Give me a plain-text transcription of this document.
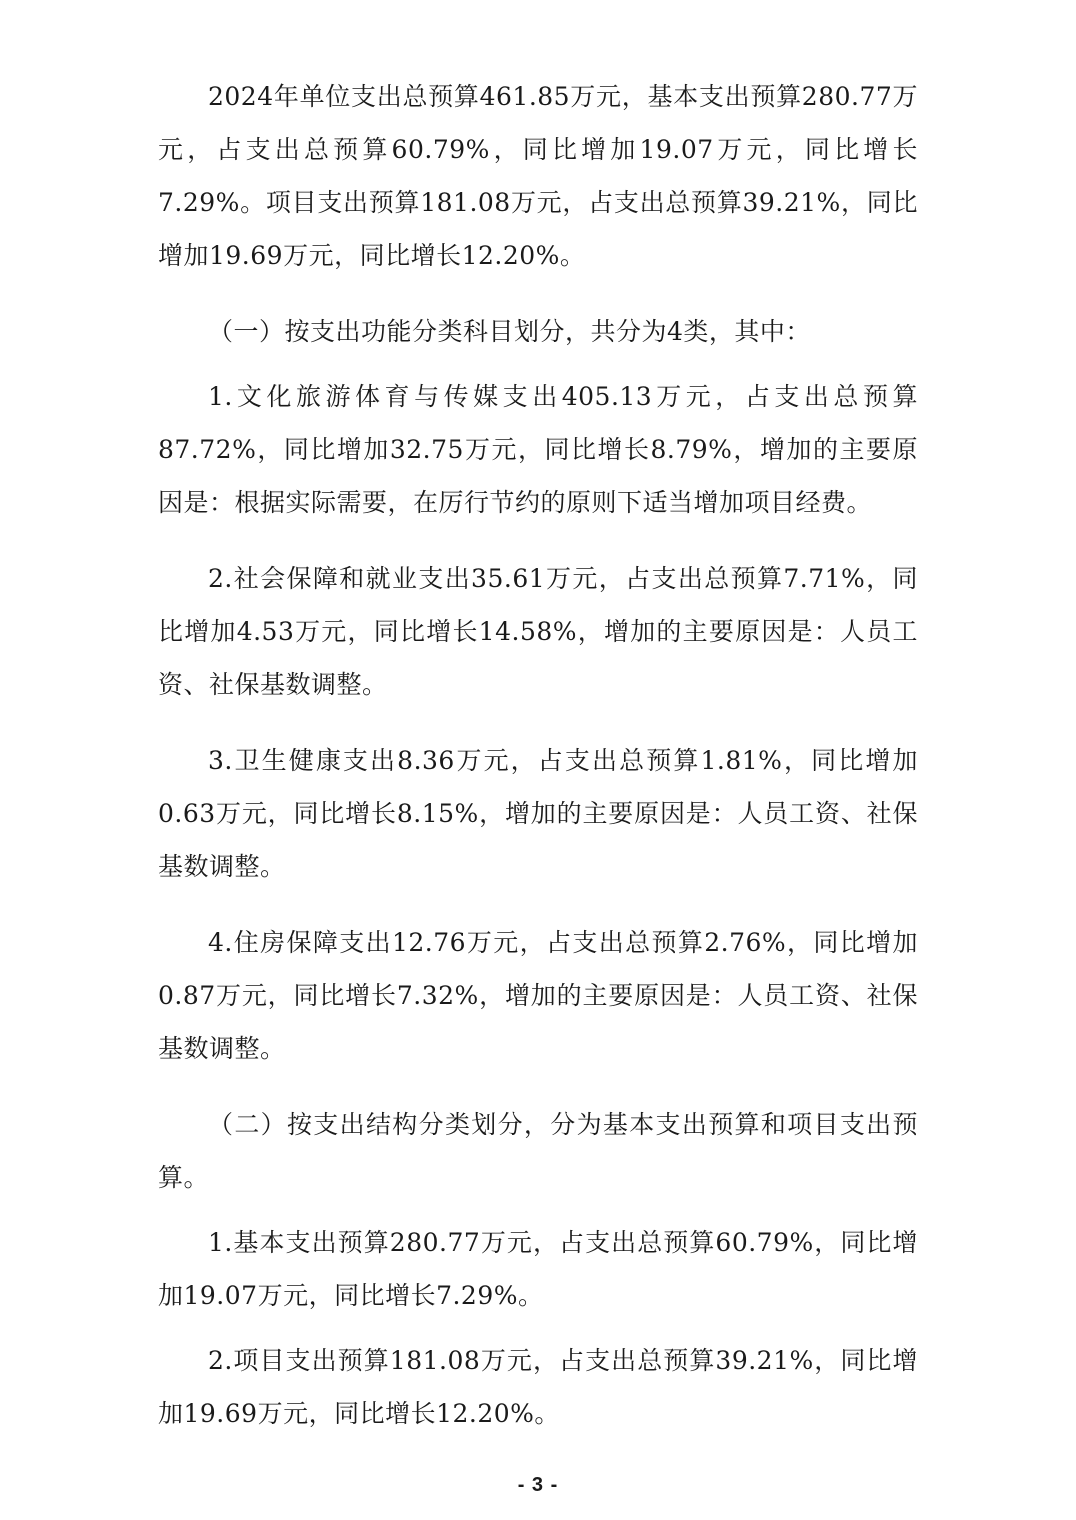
2024年单位支出总预算461.85万元，基本支出预算280.77万元，占支出总预算60.79%，同比增加19.07万元，同比增长7.29%。项目支出预算181.08万元，占支出总预算39.21%，同比增加19.69万元，同比增长12.20%。

（一）按支出功能分类科目划分，共分为4类，其中：

1.文化旅游体育与传媒支出405.13万元，占支出总预算87.72%，同比增加32.75万元，同比增长8.79%，增加的主要原因是：根据实际需要，在厉行节约的原则下适当增加项目经费。

2.社会保障和就业支出35.61万元，占支出总预算7.71%，同比增加4.53万元，同比增长14.58%，增加的主要原因是：人员工资、社保基数调整。

3.卫生健康支出8.36万元，占支出总预算1.81%，同比增加0.63万元，同比增长8.15%，增加的主要原因是：人员工资、社保基数调整。

4.住房保障支出12.76万元，占支出总预算2.76%，同比增加0.87万元，同比增长7.32%，增加的主要原因是：人员工资、社保基数调整。

（二）按支出结构分类划分，分为基本支出预算和项目支出预算。

1.基本支出预算280.77万元，占支出总预算60.79%，同比增加19.07万元，同比增长7.29%。

2.项目支出预算181.08万元，占支出总预算39.21%，同比增加19.69万元，同比增长12.20%。

- 3 -
